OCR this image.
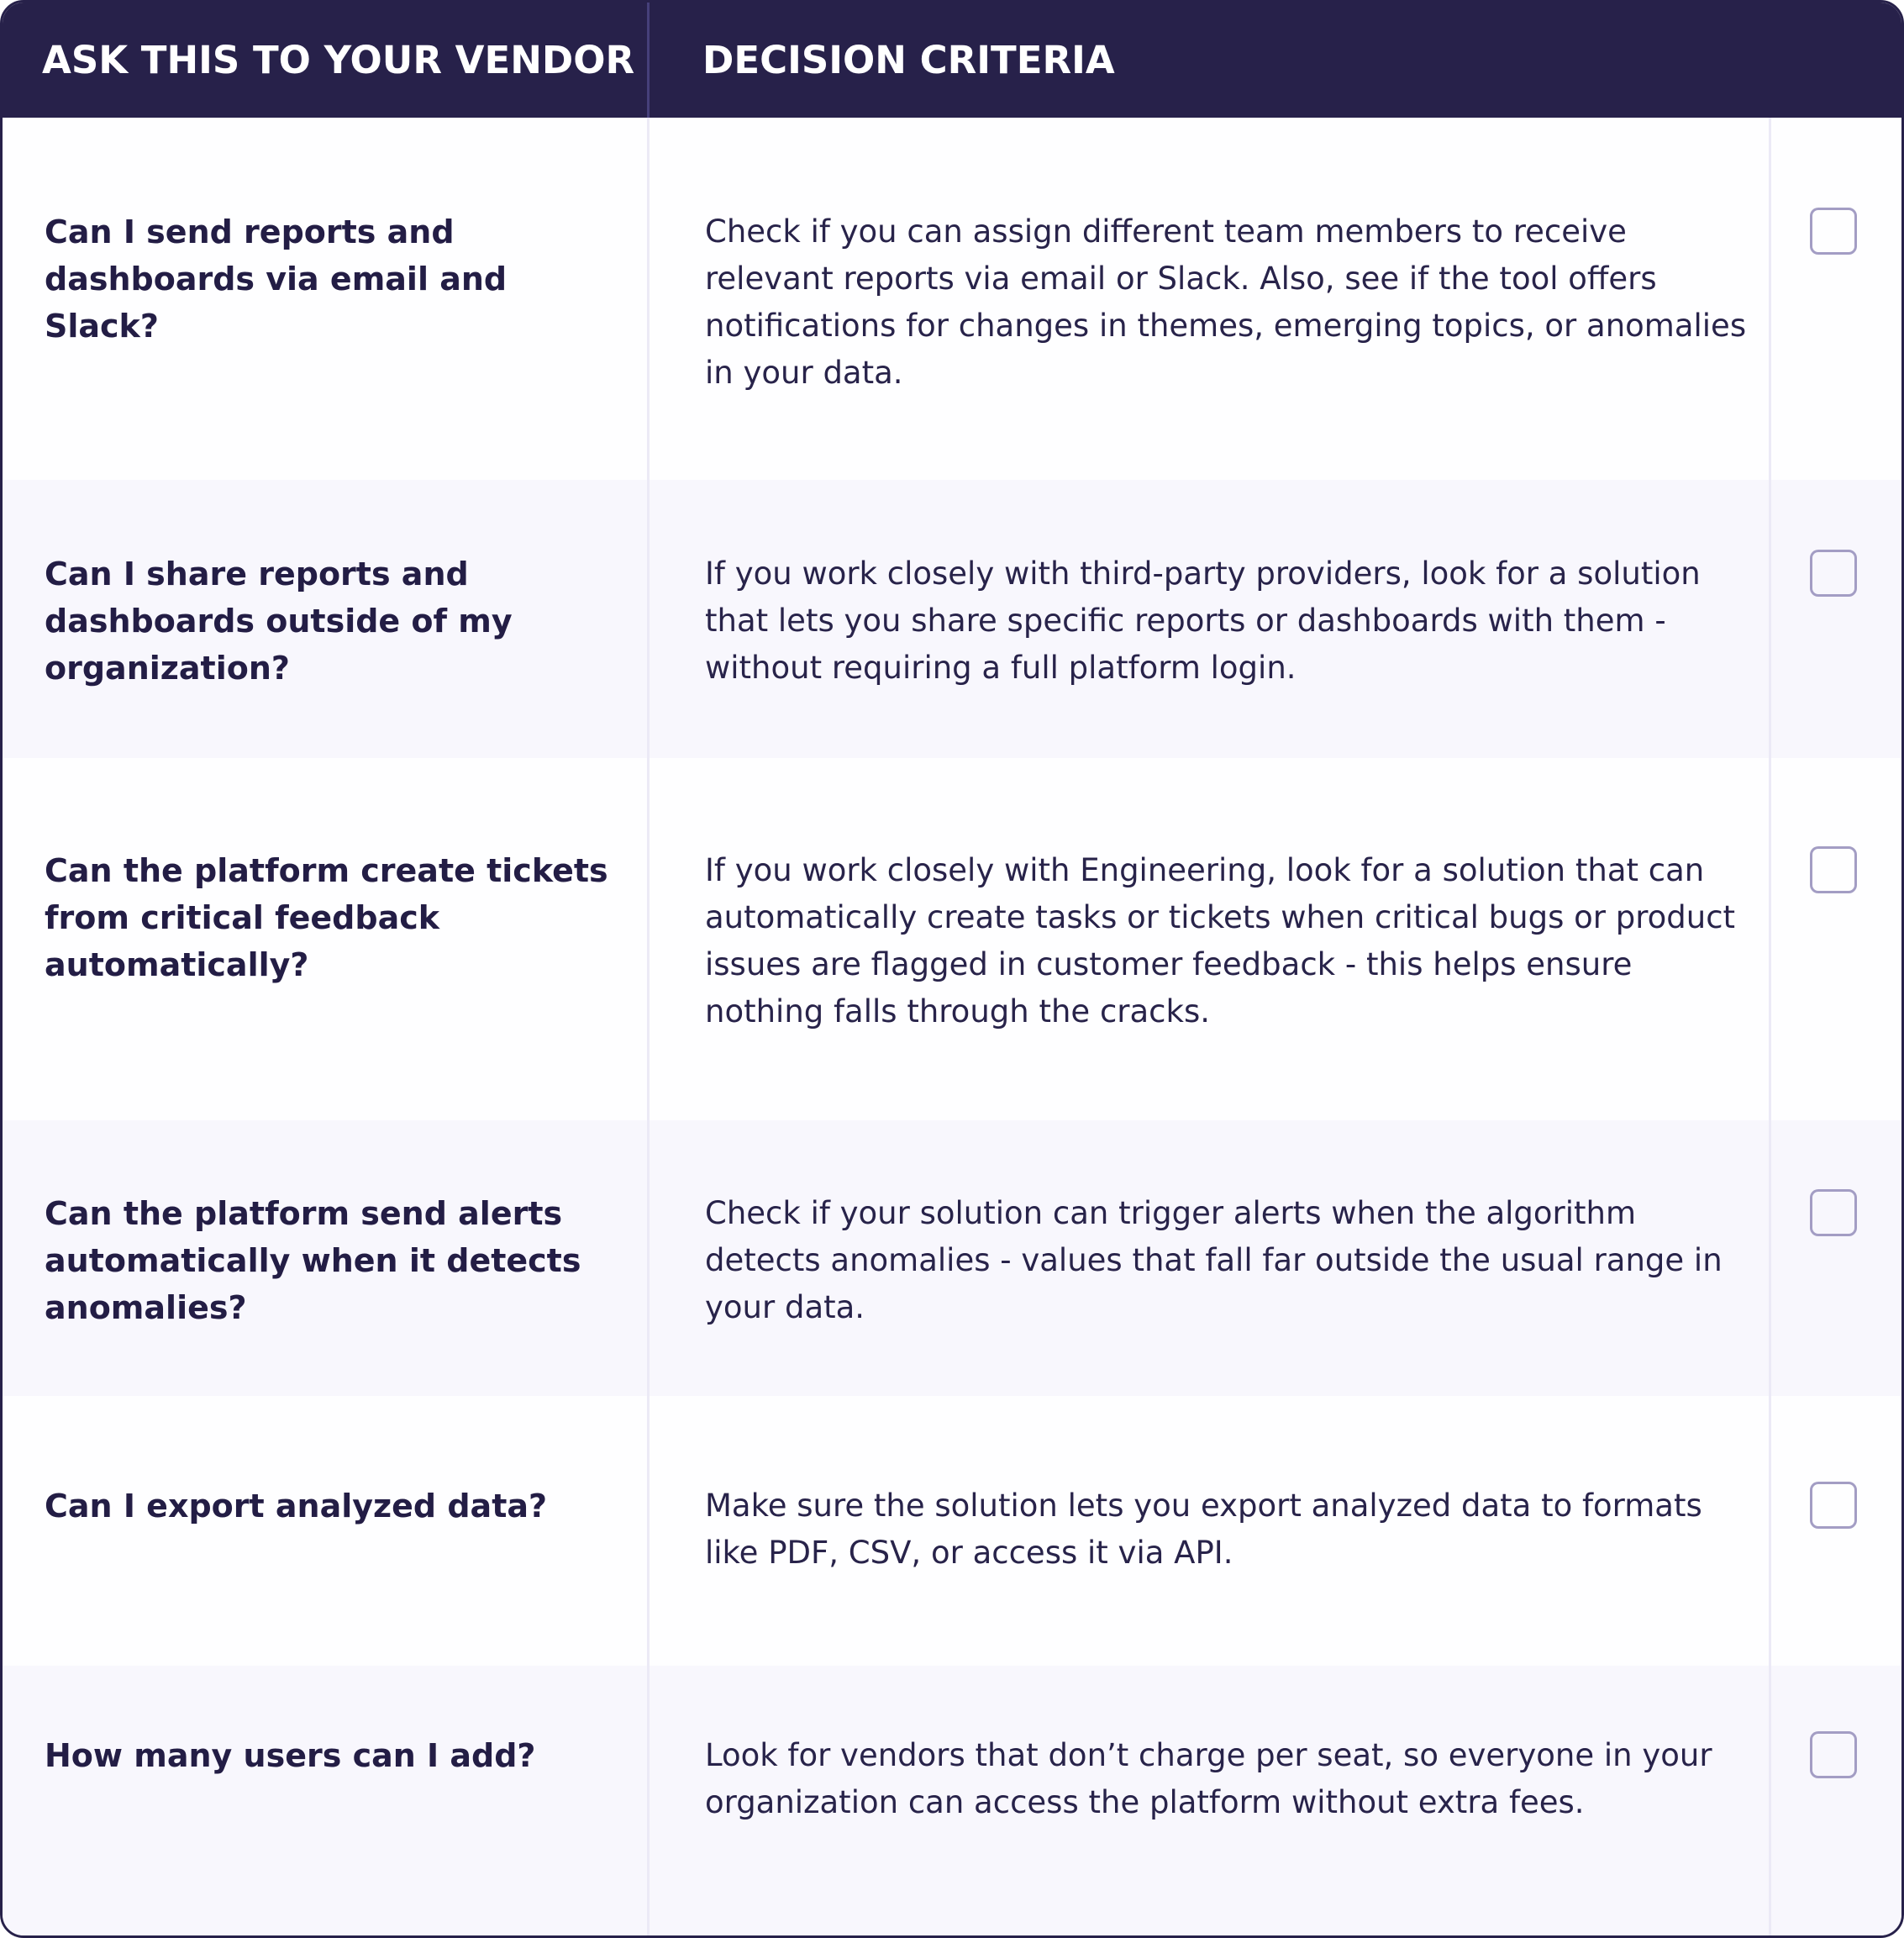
ASK THIS TO YOUR VENDOR DECISION CRITERIA
Can I send reports and dashboards via email and Slack?
Check if you can assign different team members to receive relevant reports via email or Slack. Also, see if the tool offers notifications for changes in themes, emerging topics, or anomalies in your data.
Can I share reports and dashboards outside of my organization?
If you work closely with third-party providers, look for a solution that lets you share specific reports or dashboards with them - without requiring a full platform login.
Can the platform create tickets from critical feedback automatically?
If you work closely with Engineering, look for a solution that can automatically create tasks or tickets when critical bugs or product issues are flagged in customer feedback - this helps ensure nothing falls through the cracks.
Can the platform send alerts automatically when it detects anomalies?
Check if your solution can trigger alerts when the algorithm detects anomalies - values that fall far outside the usual range in your data.
Can I export analyzed data?	Make sure the solution lets you export analyzed data to formats like PDF, CSV, or access it via API.
How many users can I add?	Look for vendors that don’t charge per seat, so everyone in your organization can access the platform without extra fees.
